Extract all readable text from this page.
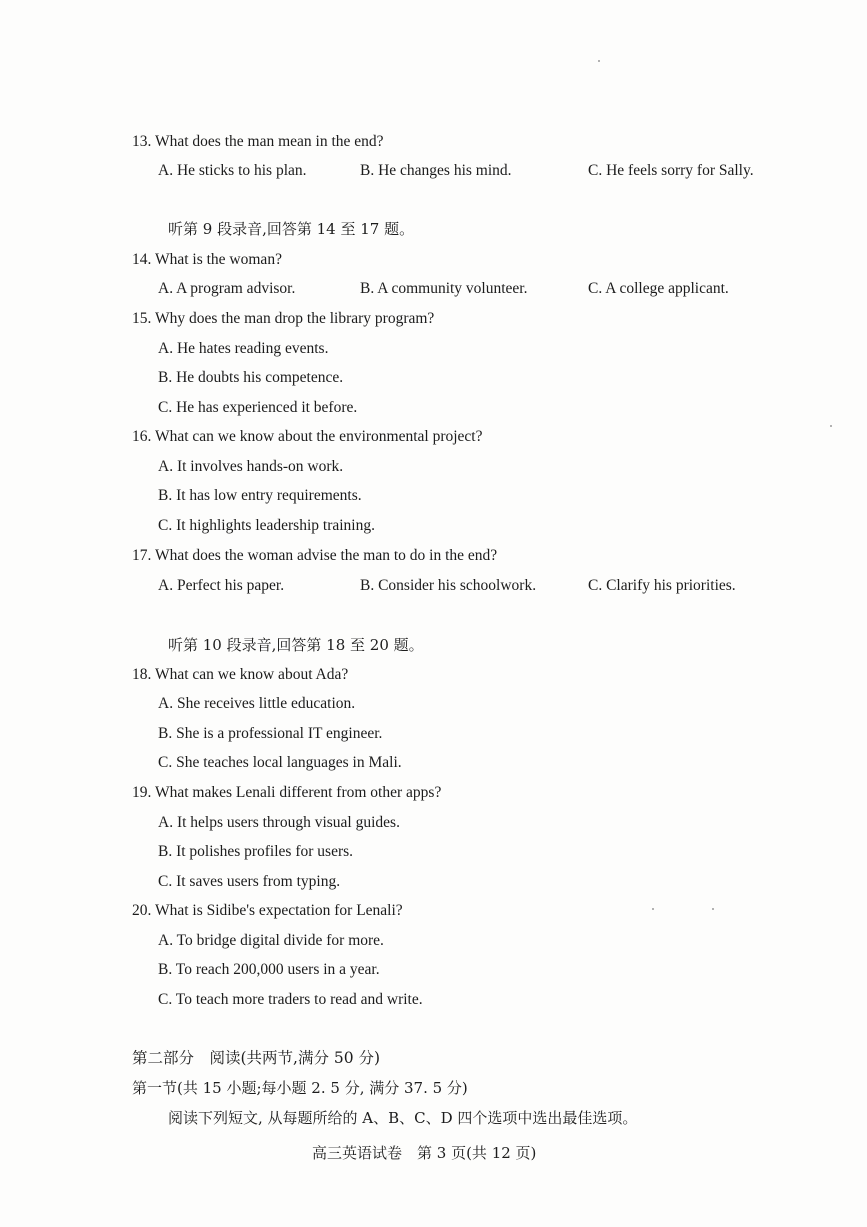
13. What does the man mean in the end?
A. He sticks to his plan.	B. He changes his mind.	C. He feels sorry for Sally.
听第 9 段录音,回答第 14 至 17 题。
14. What is the woman?
A. A program advisor.	B. A community volunteer.	C. A college applicant.
15. Why does the man drop the library program?
A. He hates reading events.
B. He doubts his competence.
C. He has experienced it before.
16. What can we know about the environmental project?
A. It involves hands-on work.
B. It has low entry requirements.
C. It highlights leadership training.
17. What does the woman advise the man to do in the end?
A. Perfect his paper.	B. Consider his schoolwork.	C. Clarify his priorities.
听第 10 段录音,回答第 18 至 20 题。
18. What can we know about Ada?
A. She receives little education.
B. She is a professional IT engineer.
C. She teaches local languages in Mali.
19. What makes Lenali different from other apps?
A. It helps users through visual guides.
B. It polishes profiles for users.
C. It saves users from typing.
20. What is Sidibe's expectation for Lenali?
A. To bridge digital divide for more.
B. To reach 200,000 users in a year.
C. To teach more traders to read and write.
第二部分　阅读(共两节,满分 50 分)
第一节(共 15 小题;每小题 2. 5 分, 满分 37. 5 分)
阅读下列短文, 从每题所给的 A、B、C、D 四个选项中选出最佳选项。
高三英语试卷　第 3 页(共 12 页)
